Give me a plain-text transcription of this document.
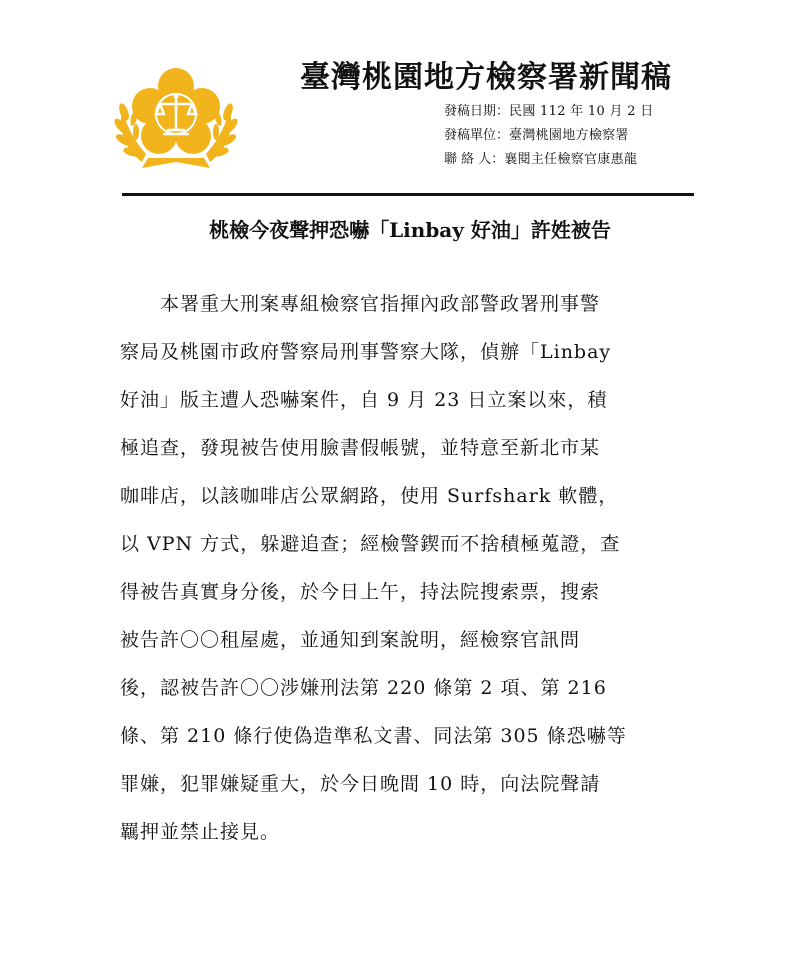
臺灣桃園地方檢察署新聞稿
發稿日期：民國 112 年 10 月 2 日
發稿單位：臺灣桃園地方檢察署
聯 絡 人：襄閱主任檢察官康惠龍
桃檢今夜聲押恐嚇「Linbay 好油」許姓被告
　　本署重大刑案專組檢察官指揮內政部警政署刑事警
察局及桃園市政府警察局刑事警察大隊，偵辦「Linbay
好油」版主遭人恐嚇案件，自 9 月 23 日立案以來，積
極追查，發現被告使用臉書假帳號，並特意至新北市某
咖啡店，以該咖啡店公眾網路，使用 Surfshark 軟體，
以 VPN 方式，躲避追查；經檢警鍥而不捨積極蒐證，查
得被告真實身分後，於今日上午，持法院搜索票，搜索
被告許〇〇租屋處，並通知到案說明，經檢察官訊問
後，認被告許〇〇涉嫌刑法第 220 條第 2 項、第 216
條、第 210 條行使偽造準私文書、同法第 305 條恐嚇等
罪嫌，犯罪嫌疑重大，於今日晚間 10 時，向法院聲請
羈押並禁止接見。
